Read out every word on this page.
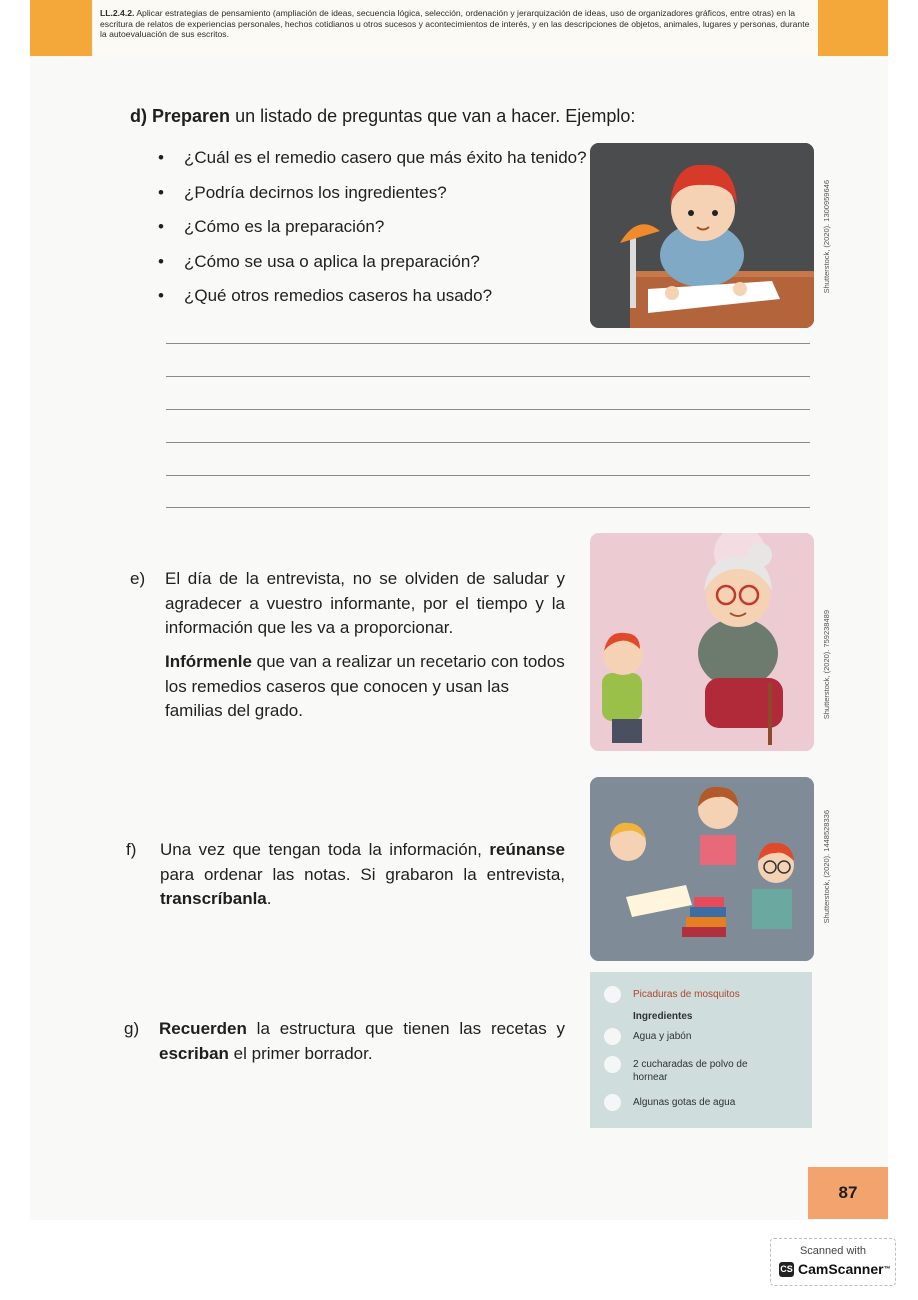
LL.2.4.2. Aplicar estrategias de pensamiento (ampliación de ideas, secuencia lógica, selección, ordenación y jerarquización de ideas, uso de organizadores gráficos, entre otras) en la escritura de relatos de experiencias personales, hechos cotidianos u otros sucesos y acontecimientos de interés, y en las descripciones de objetos, animales, lugares y personas, durante la autoevaluación de sus escritos.
d) Preparen un listado de preguntas que van a hacer. Ejemplo:
• ¿Cuál es el remedio casero que más éxito ha tenido?
• ¿Podría decirnos los ingredientes?
• ¿Cómo es la preparación?
• ¿Cómo se usa o aplica la preparación?
• ¿Qué otros remedios caseros ha usado?
Shutterstock, (2020). 1300959646
e)	El día de la entrevista, no se olviden de saludar y agradecer a vuestro informante, por el tiempo y la información que les va a proporcionar.
Infórmenle que van a realizar un recetario con todos los remedios caseros que conocen y usan las familias del grado.	Shutterstock, (2020). 759238489
f)	Una vez que tengan toda la información, reúnanse para ordenar las notas. Si grabaron la entrevista, transcríbanla.	Shutterstock, (2020). 1448528336
g)	Recuerden la estructura que tienen las recetas y escriban el primer borrador.
Picaduras de mosquitos
Ingredientes
Agua y jabón
2 cucharadas de polvo de hornear
Algunas gotas de agua
87
Scanned with
CS CamScanner ™
